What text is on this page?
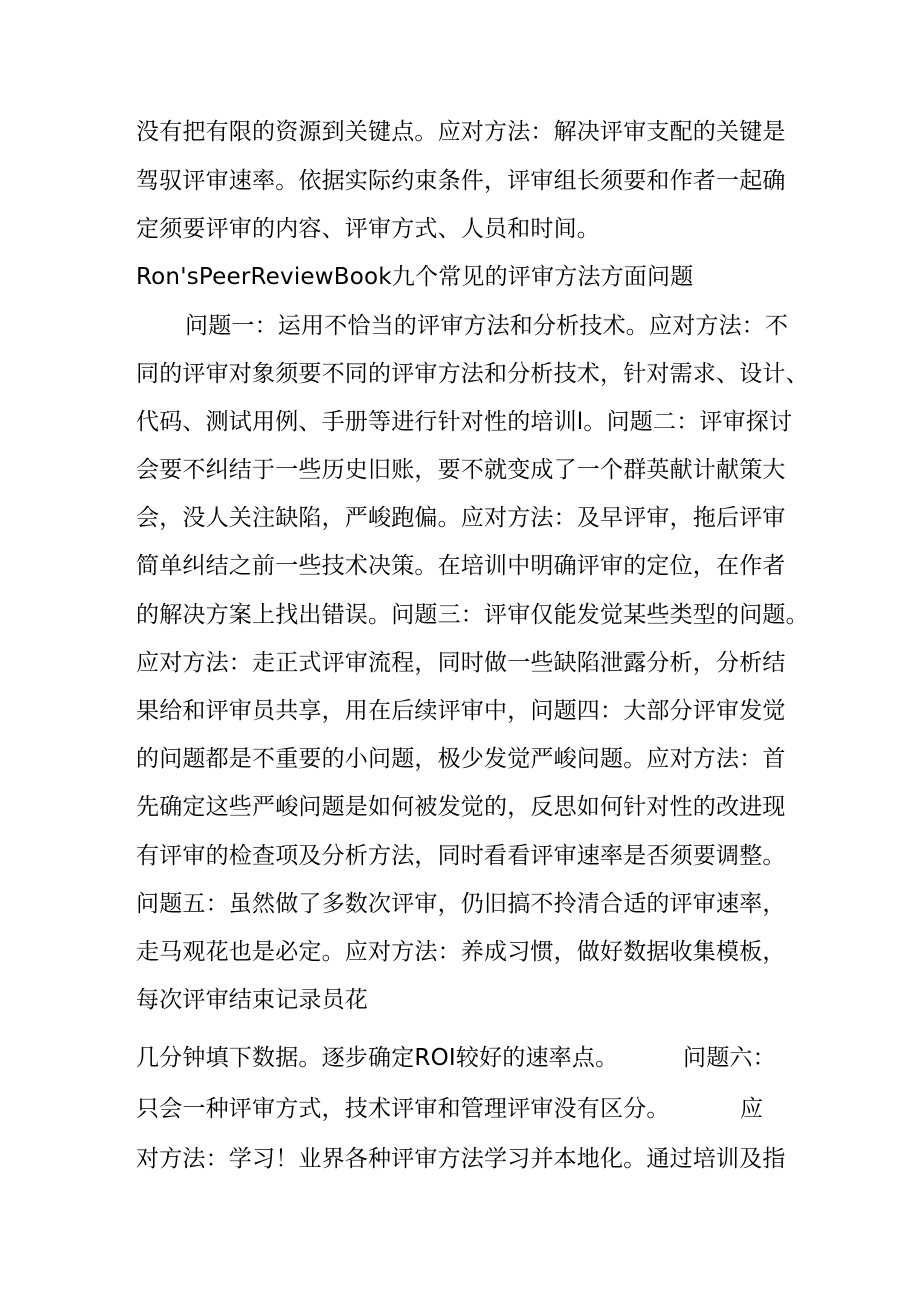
没有把有限的资源到关键点。应对方法：解决评审支配的关键是
驾驭评审速率。依据实际约束条件，评审组长须要和作者一起确
定须要评审的内容、评审方式、人员和时间。
Ron'sPeerReviewBook九个常见的评审方法方面问题
问题一：运用不恰当的评审方法和分析技术。应对方法：不
同的评审对象须要不同的评审方法和分析技术，针对需求、设计、
代码、测试用例、手册等进行针对性的培训l。问题二：评审探讨
会要不纠结于一些历史旧账，要不就变成了一个群英献计献策大
会，没人关注缺陷，严峻跑偏。应对方法：及早评审，拖后评审
简单纠结之前一些技术决策。在培训中明确评审的定位，在作者
的解决方案上找出错误。问题三：评审仅能发觉某些类型的问题。
应对方法：走正式评审流程，同时做一些缺陷泄露分析，分析结
果给和评审员共享，用在后续评审中，问题四：大部分评审发觉
的问题都是不重要的小问题，极少发觉严峻问题。应对方法：首
先确定这些严峻问题是如何被发觉的，反思如何针对性的改进现
有评审的检查项及分析方法，同时看看评审速率是否须要调整。
问题五：虽然做了多数次评审，仍旧搞不拎清合适的评审速率，
走马观花也是必定。应对方法：养成习惯，做好数据收集模板，
每次评审结束记录员花
几分钟填下数据。逐步确定ROI较好的速率点。	问题六：
只会一种评审方式，技术评审和管理评审没有区分。	应
对方法：学习！业界各种评审方法学习并本地化。通过培训及指
